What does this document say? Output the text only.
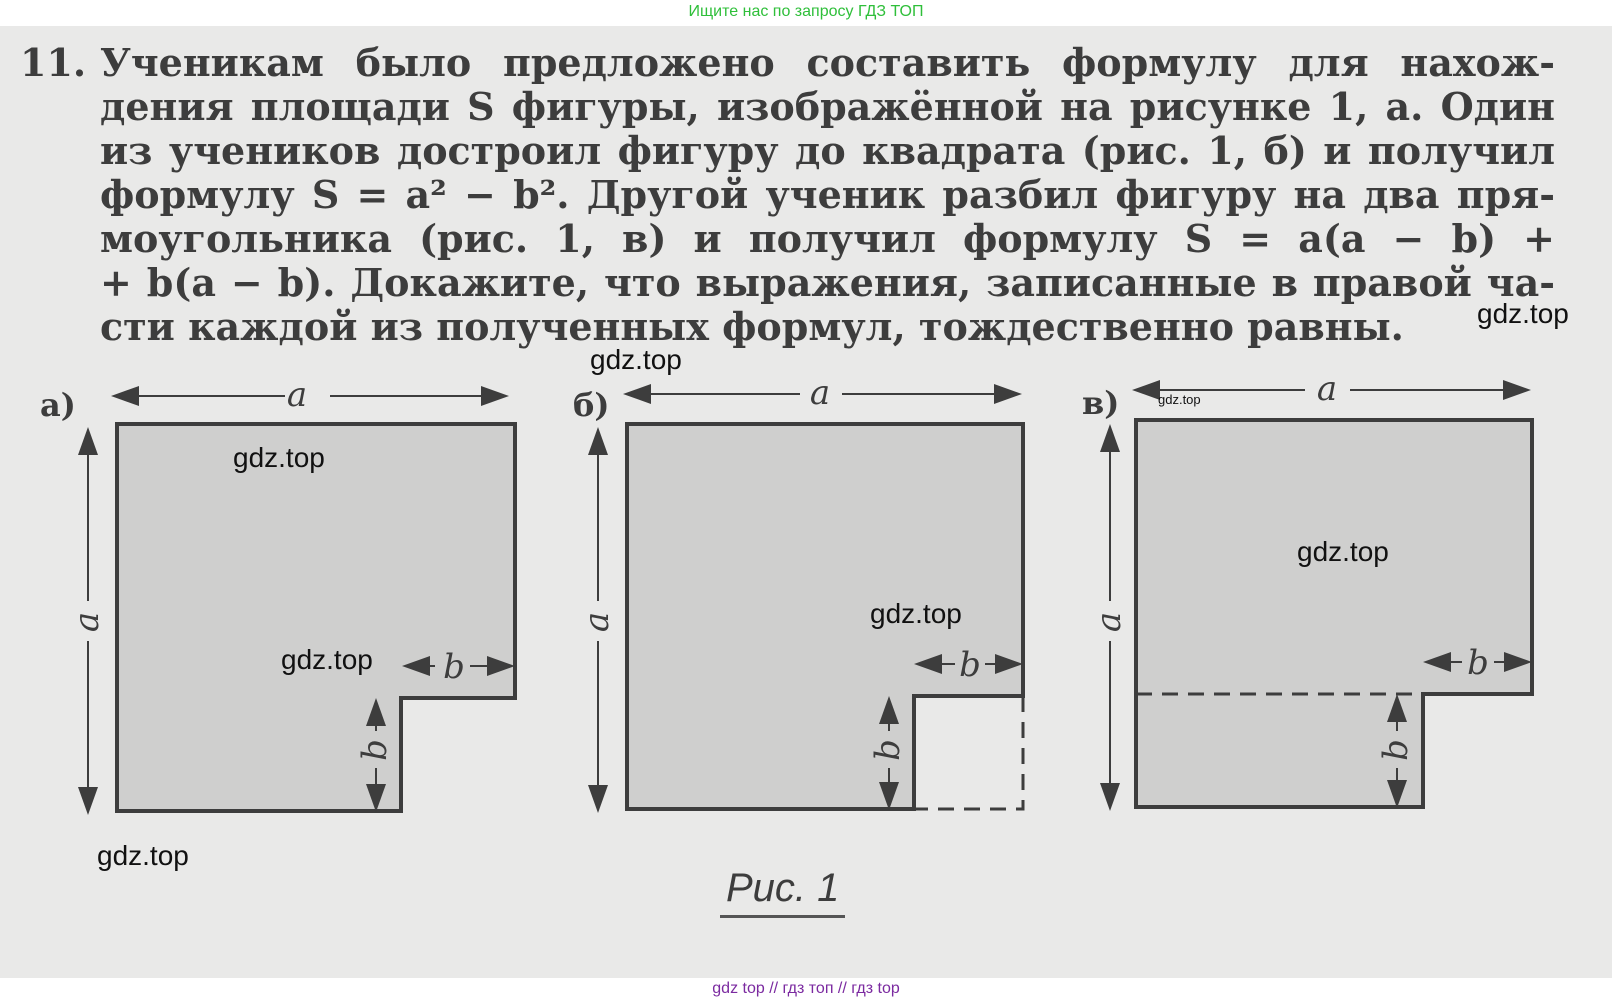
Ищите нас по запросу ГДЗ ТОП
11. Ученикам было предложено составить формулу для нахож-
дения площади S фигуры, изображённой на рисунке 1, а. Один
из учеников достроил фигуру до квадрата (рис. 1, б) и получил
формулу S = a² − b². Другой ученик разбил фигуру на два пря-
моугольника (рис. 1, в) и получил формулу S = a(a − b) +
+ b(a − b). Докажите, что выражения, записанные в правой ча-
сти каждой из полученных формул, тождественно равны.
a	a	a
b	b	b
a	a	a
b	b	b
а)	б)	в)
Рис. 1
gdz.top
gdz.top
gdz.top
gdz.top
gdz.top
gdz.top
gdz.top
gdz.top
gdz top // гдз топ // гдз top
